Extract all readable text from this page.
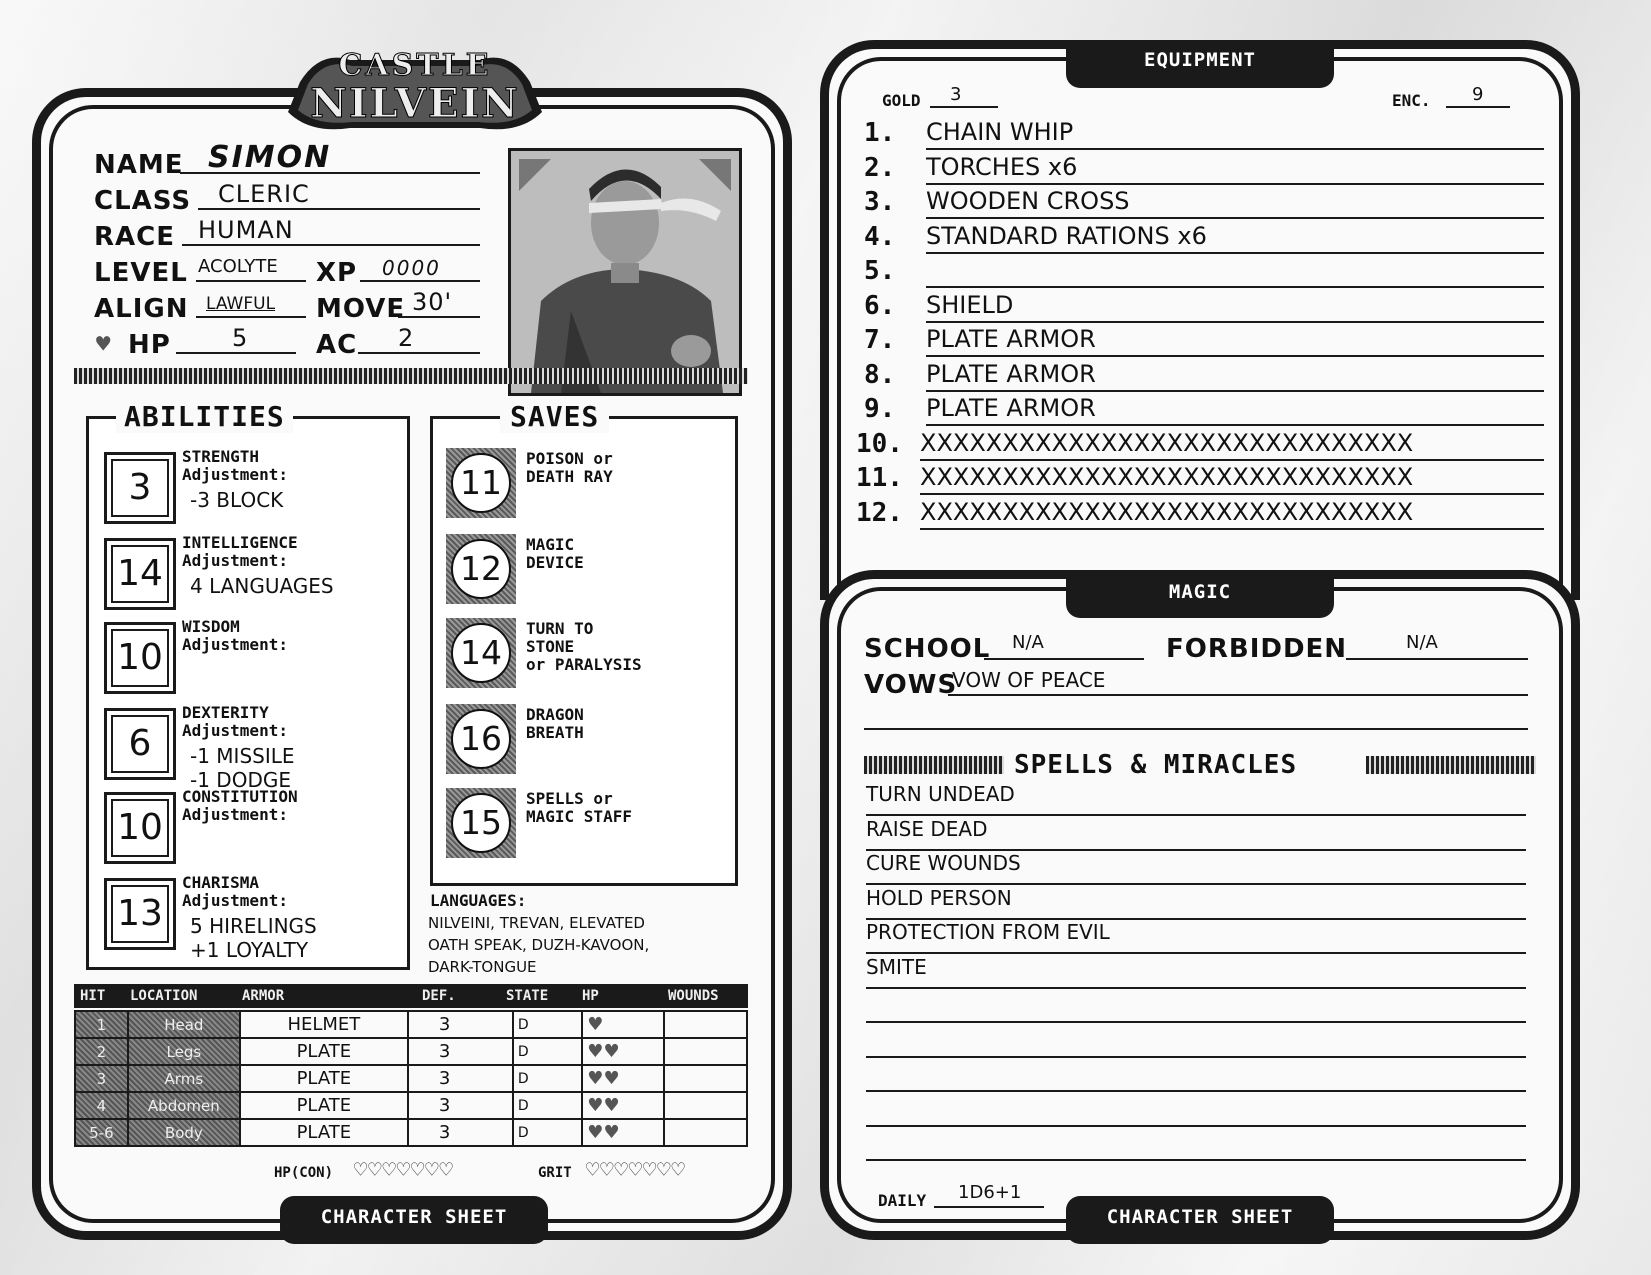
CASTLE
NILVEIN
NAME SIMON
CLASS CLERIC
RACE HUMAN
LEVEL ACOLYTE XP 0000
ALIGN LAWFUL MOVE 30'
♥ HP	5	AC 2
ABILITIES
3
STRENGTH
Adjustment:
-3 BLOCK
14
INTELLIGENCE
Adjustment:
4 LANGUAGES
10
WISDOM
Adjustment:
6
DEXTERITY
Adjustment:
-1 MISSILE
-1 DODGE
10
CONSTITUTION
Adjustment:
13
CHARISMA
Adjustment:
5 HIRELINGS
+1 LOYALTY
SAVES
11
POISON or
DEATH RAY
12
MAGIC
DEVICE
14
TURN TO
STONE
or PARALYSIS
16
DRAGON
BREATH
15
SPELLS or
MAGIC STAFF
LANGUAGES:
NILVEINI, TREVAN, ELEVATED
OATH SPEAK, DUZH-KAVOON,
DARK-TONGUE
HIT LOCATION	ARMOR	DEF.	STATE HP	WOUNDS
1	Head	HELMET	3	D	♥	
2	Legs	PLATE	3	D	♥♥	
3	Arms	PLATE	3	D	♥♥	
4	Abdomen	PLATE	3	D	♥♥	
5-6	Body	PLATE	3	D	♥♥	
HP(CON) ♡♡♡♡♡♡♡	GRIT ♡♡♡♡♡♡♡
CHARACTER SHEET
EQUIPMENT
GOLD 3	ENC. 9
1. CHAIN WHIP
2. TORCHES x6
3. WOODEN CROSS
4. STANDARD RATIONS x6
5.
6. SHIELD
7. PLATE ARMOR
8. PLATE ARMOR
9. PLATE ARMOR
10. XXXXXXXXXXXXXXXXXXXXXXXXXXXXXX
11. XXXXXXXXXXXXXXXXXXXXXXXXXXXXXX
12. XXXXXXXXXXXXXXXXXXXXXXXXXXXXXX
MAGIC
SCHOOL N/A	FORBIDDEN	N/A
VOWS
VOW OF PEACE
SPELLS & MIRACLES
TURN UNDEAD
RAISE DEAD
CURE WOUNDS
HOLD PERSON
PROTECTION FROM EVIL
SMITE
DAILY 1D6+1
CHARACTER SHEET
